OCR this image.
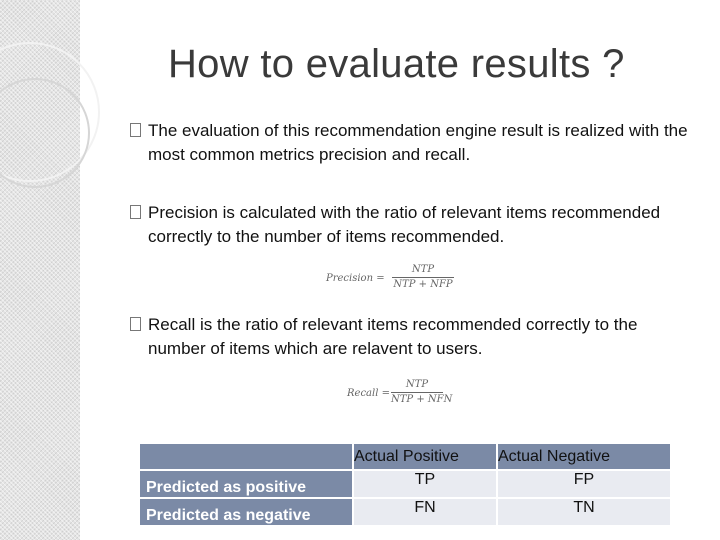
How to evaluate results ?
The evaluation of this recommendation engine result is realized with the most common metrics precision and recall.
Precision is calculated with the ratio of relevant items recommended correctly to the number of items recommended.
Precision =
NTP
NTP + NFP
Recall is the ratio of relevant items recommended correctly to the number of items which are relavent to users.
Recall =
NTP
NTP + NFN
	Actual Positive	Actual Negative
Predicted as positive	TP	FP
Predicted as negative	FN	TN
